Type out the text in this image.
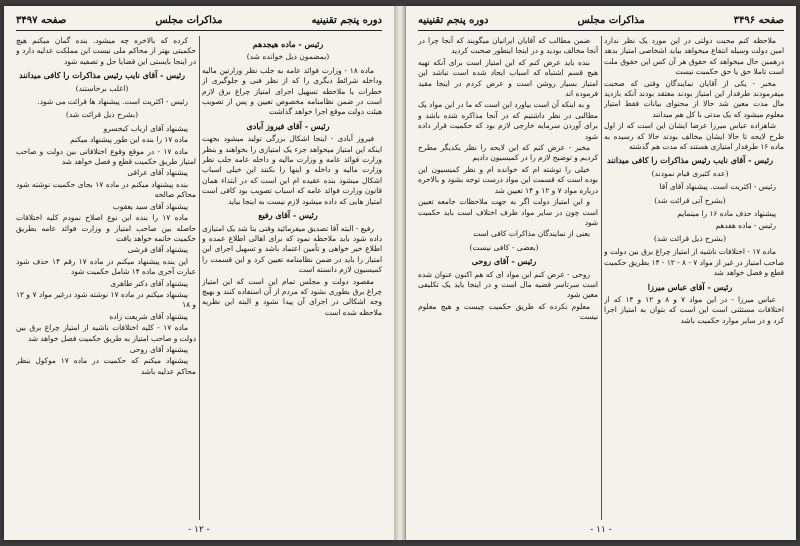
دوره پنجم تقنینیه
مذاکرات مجلس
صفحه ۳۴۹۷

رئیس - ماده هیجدهم

(بمضمون ذیل خوانده شد)

ماده ۱۸ - وزارت فوائد عامه به جلب نظر وزارتین مالیه وداخله شرائط دیگری را که از نظر فنی و جلوگیری از خطرات یا ملاحظه تسهیل اجرای امتیاز چراغ برق لازم است در ضمن نظامنامه مخصوص تعیین و پس از تصویب هیئت دولت موقع اجرا خواهد گذاشت

رئیس - آقای فیروز آبادی

فیروز آبادی - اینجا اشکال بزرگی تولید میشود بجهت اینکه این امتیاز میخواهد جزء یک امتیازی را بخواهند و بنظر وزارت فوائد عامه و وزارت مالیه و داخله عامه جلب نظر وزارت مالیه و داخله و اینها را بکنند این خیلی اسباب اشکال میشود بنده عقیده ام این است که در ابتداء همان قانون وزارت فوائد عامه که اسباب تصویب بود کافی است امتیاز هایی که داده میشود لازم نیست به اینجا بیاید

رئیس - آقای رفیع

رفیع - البته آقا تصدیق میفرمائید وقتی بنا شد یک امتیازی داده شود باید ملاحظه نمود که برای اهالی اطلاع عمده و اطلاع خیر خواهی و تأمین اعتماد باشد و تسهیل اجرای این امتیاز را باید در ضمن نظامنامه تعیین کرد و این قسمت را کمیسیون لازم دانسته است

مقصود دولت و مجلس تمام این است که این امتیاز چراغ برق بطوری بشود که مردم از آن استفاده کنند و بهیچ وجه اشکالی در اجرای آن پیدا نشود و البته این نظریه ملاحظه شده است

کرده که بالاخره چه میشود. بنده گمان میکنم هیچ حکمیتی بهتر از محاکم ملی نیست این مملکت عدلیه دارد و در اینجا بایستی این قضایا حل و تصفیه شود

رئیس - آقای نایب رئیس مذاکرات را کافی میدانند

(اغلب برخاستند)

رئیس - اکثریت است. پیشنهاد ها قرائت می شود.

(بشرح ذیل قرائت شد)

پیشنهاد آقای ارباب کیخسرو

ماده ۱۷ را بنده این طور پیشنهاد میکنم

ماده ۱۷ - در موقع وقوع اختلافاتی بین دولت و صاحب امتیاز طریق حکمیت قطع و فصل خواهد شد

پیشنهاد آقای عراقی

بنده پیشنهاد میکنم در ماده ۱۷ بجای حکمیت نوشته شود محاکم صالحه

پیشنهاد آقای سید یعقوب

ماده ۱۷ را بنده این نوع اصلاح نمودم کلیه اختلافات حاصله بین صاحب امتیاز و وزارت فوائد عامه بطریق حکمیت خاتمه خواهد یافت

پیشنهاد آقای فرشی

این بنده پیشنهاد میکنم در ماده ۱۷ رقم ۱۴ حذف شود عبارت آخری ماده ۱۴ شامل حکمیت شود

پیشنهاد آقای دکتر طاهری

پیشنهاد میکنم در ماده ۱۷ نوشته شود درغیر مواد ۷ و ۱۲ و ۱۸

پیشنهاد آقای شریعت زاده

ماده ۱۷ - کلیه اختلافات ناشیه از امتیاز چراغ برق بین دولت و صاحب امتیاز به طریق حکمیت فصل خواهد شد

پیشنهاد آقای روحی

پیشنهاد میکنم که حکمیت در ماده ۱۷ موکول بنظر محاکم عدلیه باشد

- ۱۲ -
صفحه ۳۴۹۶
مذاکرات مجلس
دوره پنجم تقنینیه

ملاحظه کنم محبت دولتی در این مورد یک نظر ندارد امین دولت وسیله انتفاع میخواهد بیابد اشخاصی امتیاز بدهد درهمین حال میخواهد که حقوق هر آن کس این حقوق ملت است تاملا حق یا حق حکمیت نیست

مخبر - یکی از آقایان نمایندگان وقتی که صحبت میفرمودند طرفدار این امتیاز بودند معتقد بودند آنکه بازدید مال مدت معین شد حالا از محتوای بیانات فقط امتیاز معلوم میشود که یک مدتی با کل هم میدانند

شاهزاده عباس میرزا عرضا ایشان این است که از اول طرح لایحه تا حالا ایشان مخالف بودند حالا که رسیده به ماده ۱۶ طرفدار امتیازی هستند که مدت هم گذشته

رئیس - آقای نایب رئیس مذاکرات را کافی میدانند

(عده کثیری قیام نمودند)

رئیس - اکثریت است. پیشنهاد آقای آقا

(بشرح آتی قرائت شد)

پیشنهاد حذف ماده ۱۶ را مینمایم

رئیس - ماده هفدهم

(بشرح ذیل قرائت شد)

ماده ۱۷ - اختلافات ناشیه از امتیاز چراغ برق بین دولت و صاحب امتیاز در غیر از مواد ۷ - ۸ - ۱۲ - ۱۴ بطریق حکمیت قطع و فصل خواهد شد

رئیس - آقای عباس میرزا

عباس میرزا - در این مواد ۷ و ۸ و ۱۲ و ۱۴ که از اختلافات مستثنی است این است که بتوان به امتیاز اجرا کرد و در سایر موارد حکمیت باشد

ضمن مطالب که آقایان ایرانیان میگویند که آنجا چرا در آنجا مخالف بودید و در اینجا اینطور صحبت کردید

بنده باید عرض کنم که این امتیاز است برای آنکه تهیه هیچ قسم اشتباه که اسباب ایجاد شده است نباشد این امتیاز بسیار روشن است و عرض کردم در اینجا مقید فرموده اند

و به اینکه آن است بیاورد این است که ما در این مواد یک مطالبی در نظر داشتیم که در آنجا مذاکره شده باشد و برای آوردن سرمایه خارجی لازم بود که حکمیت قرار داده شود

مخبر - عرض کنم که این لایحه را نظر یکدیگر مطرح کردیم و توضیح لازم را در کمیسیون دادیم

خیلی را توشته ام که خوانده ام و نظر کمیسیون این بوده است که قسمت این مواد درست توجه بشود و بالاخره درباره مواد ۷ و ۱۲ و ۱۴ تعیین شد

و این امتیاز دولت اگر به جهت ملاحظات جامعه تعیین است چون در سایر مواد طرف اختلاف است باید حکمیت شود

بعنی از نمایندگان مذاکرات کافی است

(بعضی - کافی نیست)

رئیس - آقای روحی

روحی - عرض کنم این مواد ای که هم اکنون عنوان شده است سرتاسر قضیه مال است و در اینجا باید یک تکلیفی معین شود

معلوم نکرده که طریق حکمیت چیست و هیچ معلوم نیست

- ۱۱ -
